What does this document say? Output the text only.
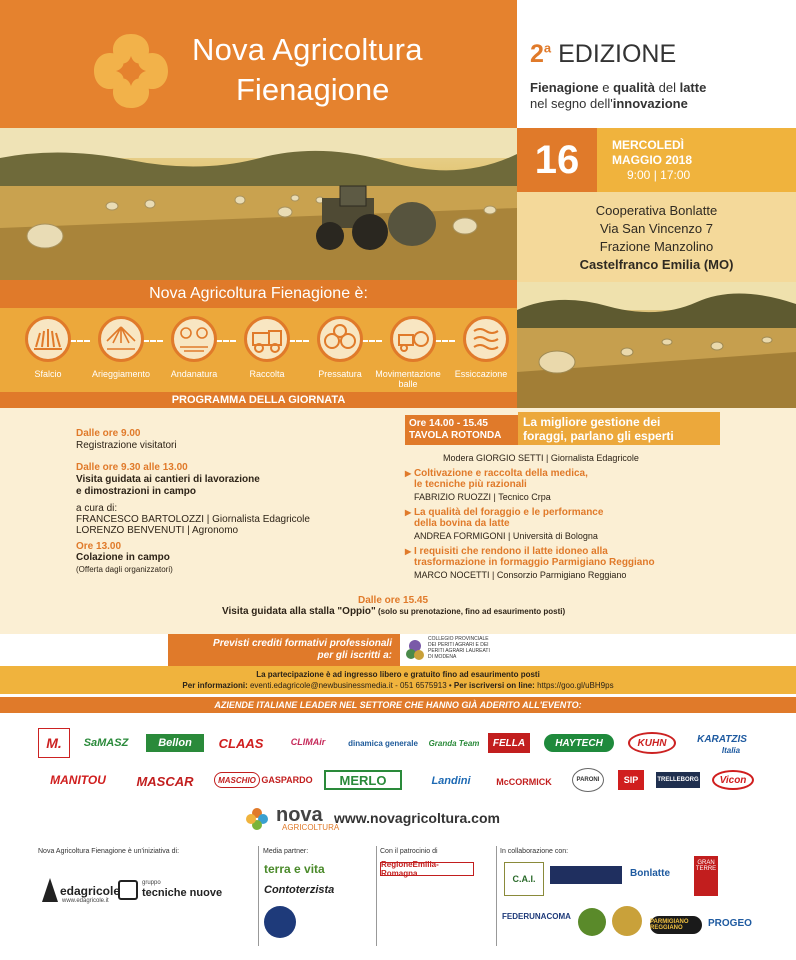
Nova Agricoltura
Fienagione
2$^a$ EDIZIONE
Fienagione e qualità del latte
nel segno dell'innovazione
16	MERCOLEDÌ
MAGGIO 2018
9:00 | 17:00
Cooperativa Bonlatte
Via San Vincenzo 7
Frazione Manzolino
Castelfranco Emilia (MO)
Nova Agricoltura Fienagione è:
Sfalcio	Arieggiamento	Andanatura	Raccolta	Pressatura	Movimentazione
balle
Essiccazione
PROGRAMMA DELLA GIORNATA
Dalle ore 9.00
Registrazione visitatori
Dalle ore 9.30 alle 13.00
Visita guidata ai cantieri di lavorazione
e dimostrazioni in campo
a cura di:
FRANCESCO BARTOLOZZI | Giornalista Edagricole
LORENZO BENVENUTI | Agronomo
Ore 13.00
Colazione in campo
(Offerta dagli organizzatori)
Ore 14.00 - 15.45
TAVOLA ROTONDA
La migliore gestione dei
foraggi, parlano gli esperti
Modera GIORGIO SETTI | Giornalista Edagricole
▶ Coltivazione e raccolta della medica,
le tecniche più razionali
FABRIZIO RUOZZI | Tecnico Crpa
▶ La qualità del foraggio e le performance
della bovina da latte
ANDREA FORMIGONI | Università di Bologna
▶ I requisiti che rendono il latte idoneo alla
trasformazione in formaggio Parmigiano Reggiano
MARCO NOCETTI | Consorzio Parmigiano Reggiano
Dalle ore 15.45
Visita guidata alla stalla "Oppio" (solo su prenotazione, fino ad esaurimento posti)
Previsti crediti formativi professionali
per gli iscritti a:
COLLEGIO PROVINCIALE
DEI PERITI AGRARI E DEI
PERITI AGRARI LAUREATI
DI MODENA
La partecipazione è ad ingresso libero e gratuito fino ad esaurimento posti
Per informazioni: eventi.edagricole@newbusinessmedia.it - 051 6575913 • Per iscriversi on line: https://goo.gl/uBH9ps
AZIENDE ITALIANE LEADER NEL SETTORE CHE HANNO GIÀ ADERITO ALL'EVENTO:
M.	SaMASZ	Bellon	CLAAS	CLIMAir	dinamica generale Granda Team	FELLA	HAYTECH	KUHN	KARATZIS
Italia
MANITOU	MASCAR	MASCHIO GASPARDO	MERLO	Landini	McCORMICK	PARONI	SIP	TRELLEBORG	Vicon
nova
AGRICOLTURA
www.novagricoltura.com
Nova Agricoltura Fienagione è un'iniziativa di:	Media partner:	Con il patrocinio di	In collaborazione con:
edagricole
www.edagricole.it
gruppo
tecniche nuove
terra e vita
Contoterzista
RegioneEmilia-Romagna
C.A.I.	Bonlatte
GRAN TERRE
FEDERUNACOMA
PARMIGIANO REGGIANO	PROGEO
